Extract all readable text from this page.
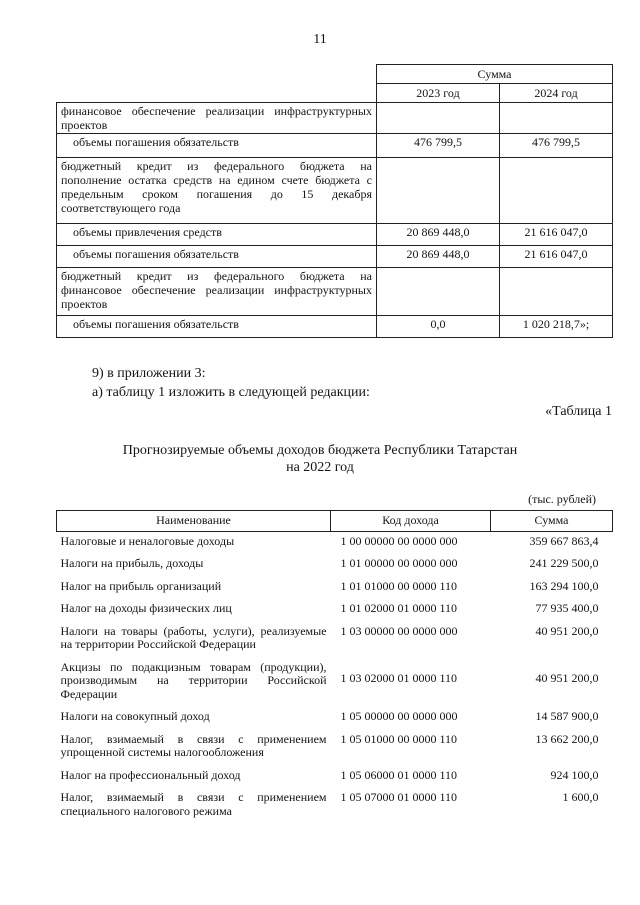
11
	Сумма	
	2023 год	2024 год
финансовое обеспечение реализации инфраструктурных проектов		
объемы погашения обязательств	476 799,5	476 799,5
бюджетный кредит из федерального бюджета на пополнение остатка средств на едином счете бюджета с предельным сроком погашения до 15 декабря соответствующего года		
объемы привлечения средств	20 869 448,0	21 616 047,0
объемы погашения обязательств	20 869 448,0	21 616 047,0
бюджетный кредит из федерального бюджета на финансовое обеспечение реализации инфраструктурных проектов		
объемы погашения обязательств	0,0	1 020 218,7»;
9) в приложении 3:
а) таблицу 1 изложить в следующей редакции:
«Таблица 1
Прогнозируемые объемы доходов бюджета Республики Татарстан
на 2022 год
(тыс. рублей)
Наименование	Код дохода	Сумма
Налоговые и неналоговые доходы	1 00 00000 00 0000 000	359 667 863,4
Налоги на прибыль, доходы	1 01 00000 00 0000 000	241 229 500,0
Налог на прибыль организаций	1 01 01000 00 0000 110	163 294 100,0
Налог на доходы физических лиц	1 01 02000 01 0000 110	77 935 400,0
Налоги на товары (работы, услуги), реализуемые на территории Российской Федерации	1 03 00000 00 0000 000	40 951 200,0
Акцизы по подакцизным товарам (продукции), производимым на территории Российской Федерации	1 03 02000 01 0000 110	40 951 200,0
Налоги на совокупный доход	1 05 00000 00 0000 000	14 587 900,0
Налог, взимаемый в связи с применением упрощенной системы налогообложения	1 05 01000 00 0000 110	13 662 200,0
Налог на профессиональный доход	1 05 06000 01 0000 110	924 100,0
Налог, взимаемый в связи с применением специального налогового режима	1 05 07000 01 0000 110	1 600,0
